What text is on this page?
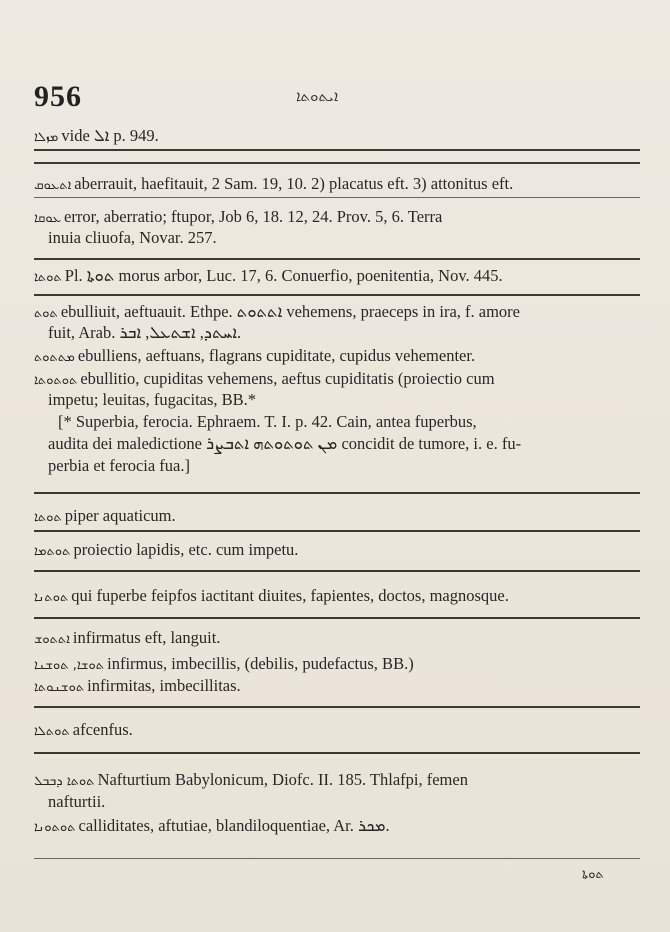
956	ܐܝܬܘܬܐ
ܡܙܠܐ vide ܐܠ p. 949.
ܐܬܥܘܩ aberrauit, haefitauit, 2 Sam. 19, 10. 2) placatus eft. 3) attonitus eft.
ܥܘܩܐ error, aberratio; ftupor, Job 6, 18. 12, 24. Prov. 5, 6. Terra
inuia cliuofa, Novar. 257.
ܬܘܬܐ Pl. ܬܘܬܐ morus arbor, Luc. 17, 6. Conuerfio, poenitentia, Nov. 445.
ܬܘܬ ebulliuit, aeftuauit. Ethpe. ܐܬܬܘܬ vehemens, praeceps in ira, f. amore
fuit, Arab. ܐܚܬܕ, ܐܫܬܥܠ, ܐܒܪ.
ܡܬܬܘܬ ebulliens, aeftuans, flagrans cupiditate, cupidus vehementer.
ܬܘܬܘܬܐ ebullitio, cupiditas vehemens, aeftus cupiditatis (proiectio cum
impetu; leuitas, fugacitas, BB.*
[* Superbia, ferocia. Ephraem. T. I. p. 42. Cain, antea fuperbus,
audita dei maledictione ܡܢ ܬܘܬܘܬܗ ܐܬܒܨܪ concidit de tumore, i. e. fu-
perbia et ferocia fua.]
ܬܘܬܐ piper aquaticum.
ܬܘܬܡܐ proiectio lapidis, etc. cum impetu.
ܬܘܬܢܐ qui fuperbe feipfos iactitant diuites, fapientes, doctos, magnosque.
ܐܬܬܘܫ infirmatus eft, languit.
ܬܘܫܐ, ܬܘܫܢܐ infirmus, imbecillis, (debilis, pudefactus, BB.)
ܬܘܫܢܘܬܐ infirmitas, imbecillitas.
ܬܘܬܠܐ afcenfus.
ܬܘܬܐ ܕܒܒܠ Nafturtium Babylonicum, Diofc. II. 185. Thlafpi, femen
nafturtii.
ܬܘܬܘܢܐ calliditates, aftutiae, blandiloquentiae, Ar. ܡܟܪ.
ܬܘܬܐ
